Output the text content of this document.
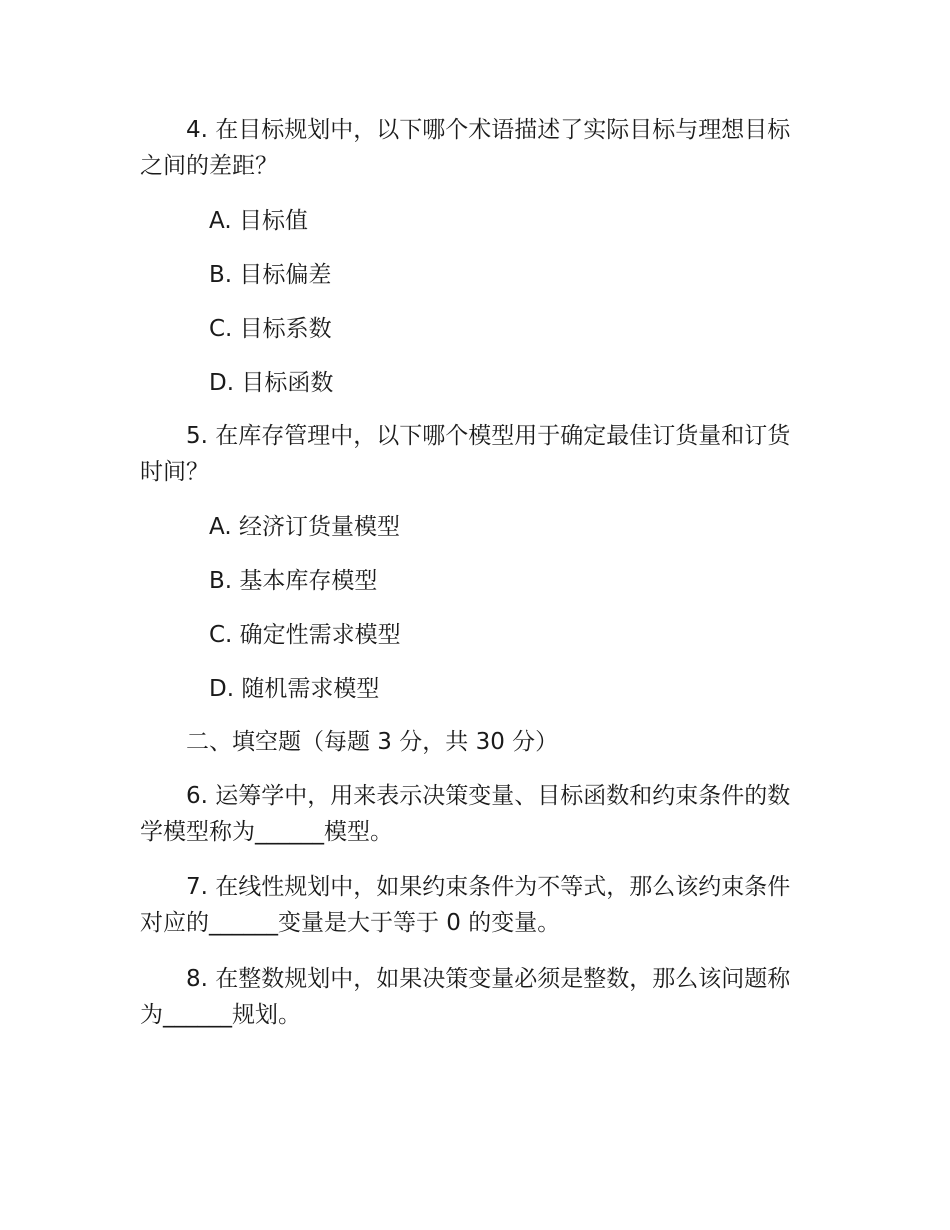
4. 在目标规划中，以下哪个术语描述了实际目标与理想目标之间的差距？

A. 目标值

B. 目标偏差

C. 目标系数

D. 目标函数

5. 在库存管理中，以下哪个模型用于确定最佳订货量和订货时间？

A. 经济订货量模型

B. 基本库存模型

C. 确定性需求模型

D. 随机需求模型

二、填空题（每题 3 分，共 30 分）

6. 运筹学中，用来表示决策变量、目标函数和约束条件的数学模型称为______模型。

7. 在线性规划中，如果约束条件为不等式，那么该约束条件对应的______变量是大于等于 0 的变量。

8. 在整数规划中，如果决策变量必须是整数，那么该问题称为______规划。
